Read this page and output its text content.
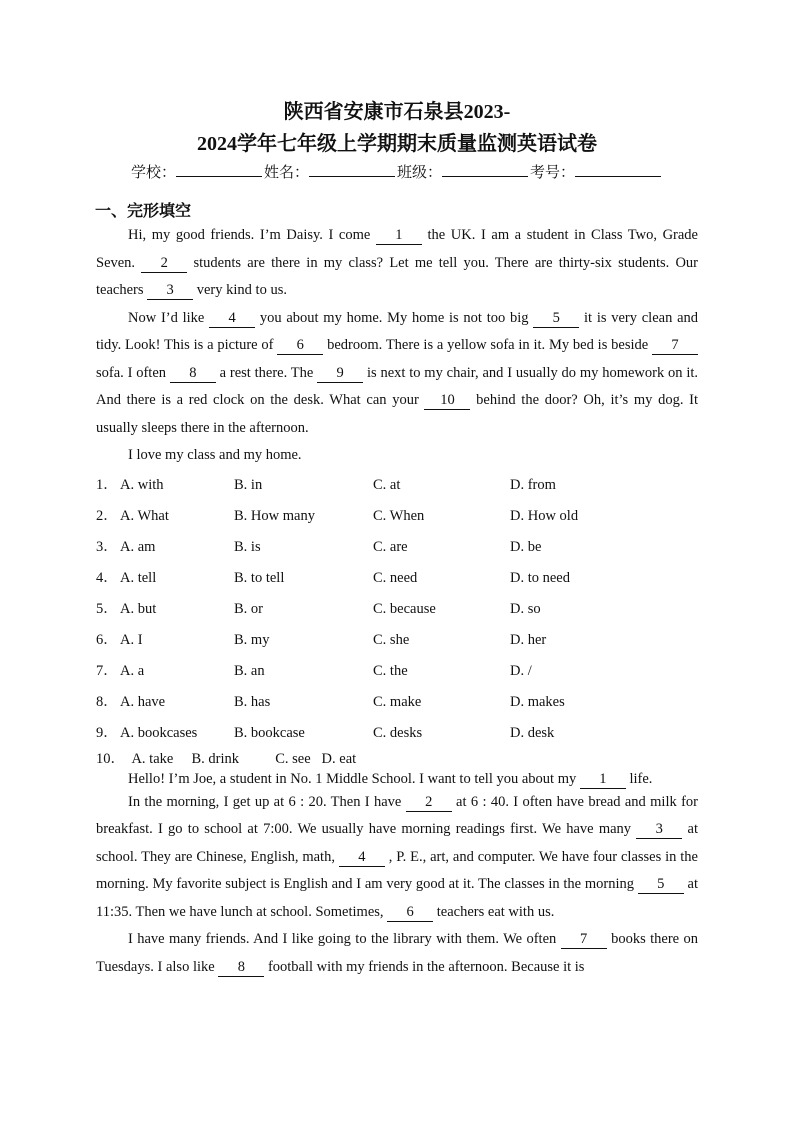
陕西省安康市石泉县2023-
2024学年七年级上学期期末质量监测英语试卷
学校：	姓名：	班级：	考号：
一、完形填空

Hi, my good friends. I’m Daisy. I come 1 the UK. I am a student in Class Two, Grade Seven. 2 students are there in my class? Let me tell you. There are thirty-six students. Our teachers 3 very kind to us.

Now I’d like 4 you about my home. My home is not too big 5 it is very clean and tidy. Look! This is a picture of 6 bedroom. There is a yellow sofa in it. My bed is beside 7 sofa. I often 8 a rest there. The 9 is next to my chair, and I usually do my homework on it. And there is a red clock on the desk. What can your 10 behind the door? Oh, it’s my dog. It usually sleeps there in the afternoon.

I love my class and my home.

1． A. with	B. in	C. at	D. from
2． A. What	B. How many	C. When	D. How old
3． A. am	B. is	C. are	D. be
4． A. tell	B. to tell	C. need	D. to need
5． A. but	B. or	C. because	D. so
6． A. I	B. my	C. she	D. her
7． A. a	B. an	C. the	D. /
8． A. have	B. has	C. make	D. makes
9． A. bookcases	B. bookcase	C. desks	D. desk
10．  A. take     B. drink          C. see   D. eat

Hello! I’m Joe, a student in No. 1 Middle School. I want to tell you about my 1 life.

In the morning, I get up at 6 : 20. Then I have 2 at 6 : 40. I often have bread and milk for breakfast. I go to school at 7:00. We usually have morning readings first. We have many 3 at school. They are Chinese, English, math, 4 , P. E., art, and computer. We have four classes in the morning. My favorite subject is English and I am very good at it. The classes in the morning 5 at 11:35. Then we have lunch at school. Sometimes, 6 teachers eat with us.

I have many friends. And I like going to the library with them. We often 7 books there on Tuesdays. I also like 8 football with my friends in the afternoon. Because it is
